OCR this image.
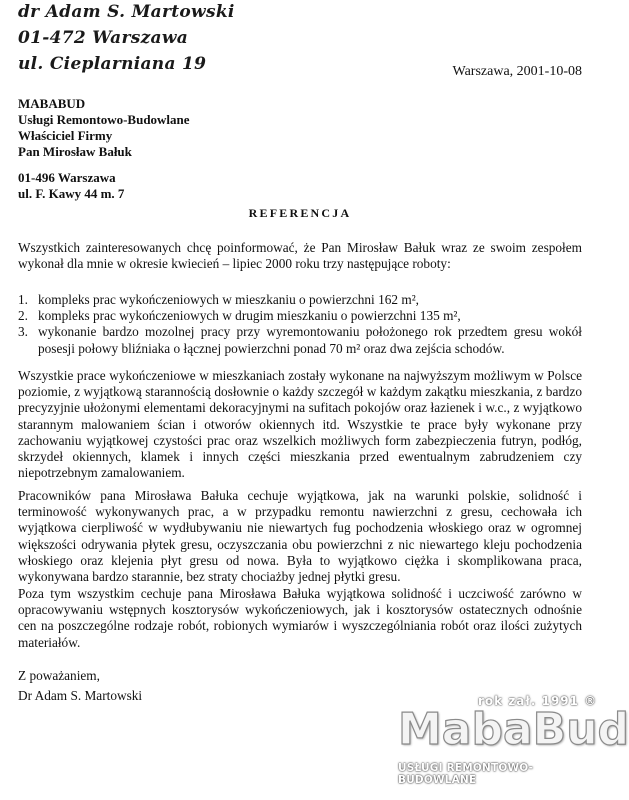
dr Adam S. Martowski
01-472 Warszawa
ul. Cieplarniana 19	Warszawa, 2001-10-08
MABABUD
Usługi Remontowo-Budowlane
Właściciel Firmy
Pan Mirosław Bałuk
01-496 Warszawa
ul. F. Kawy 44 m. 7
REFERENCJA
Wszystkich zainteresowanych chcę poinformować, że Pan Mirosław Bałuk wraz ze swoim zespołem wykonał dla mnie w okresie kwiecień – lipiec 2000 roku trzy następujące roboty:
1. kompleks prac wykończeniowych w mieszkaniu o powierzchni 162 m²,
2. kompleks prac wykończeniowych w drugim mieszkaniu o powierzchni 135 m²,
3. wykonanie bardzo mozolnej pracy przy wyremontowaniu położonego rok przedtem gresu wokół posesji połowy bliźniaka o łącznej powierzchni ponad 70 m² oraz dwa zejścia schodów.
Wszystkie prace wykończeniowe w mieszkaniach zostały wykonane na najwyższym możliwym w Polsce poziomie, z wyjątkową starannością dosłownie o każdy szczegół w każdym zakątku mieszkania, z bardzo precyzyjnie ułożonymi elementami dekoracyjnymi na sufitach pokojów oraz łazienek i w.c., z wyjątkowo starannym malowaniem ścian i otworów okiennych itd. Wszystkie te prace były wykonane przy zachowaniu wyjątkowej czystości prac oraz wszelkich możliwych form zabezpieczenia futryn, podłóg, skrzydeł okiennych, klamek i innych części mieszkania przed ewentualnym zabrudzeniem czy niepotrzebnym zamalowaniem.
Pracowników pana Mirosława Bałuka cechuje wyjątkowa, jak na warunki polskie, solidność i terminowość wykonywanych prac, a w przypadku remontu nawierzchni z gresu, cechowała ich wyjątkowa cierpliwość w wydłubywaniu nie niewartych fug pochodzenia włoskiego oraz w ogromnej większości odrywania płytek gresu, oczyszczania obu powierzchni z nic niewartego kleju pochodzenia włoskiego oraz klejenia płyt gresu od nowa. Była to wyjątkowo ciężka i skomplikowana praca, wykonywana bardzo starannie, bez straty chociażby jednej płytki gresu.
Poza tym wszystkim cechuje pana Mirosława Bałuka wyjątkowa solidność i uczciwość zarówno w opracowywaniu wstępnych kosztorysów wykończeniowych, jak i kosztorysów ostatecznych odnośnie cen na poszczególne rodzaje robót, robionych wymiarów i wyszczególniania robót oraz ilości zużytych materiałów.
Z poważaniem,
Dr Adam S. Martowski	rok zał. 1991 ®
MabaBud
USŁUGI REMONTOWO-BUDOWLANE
